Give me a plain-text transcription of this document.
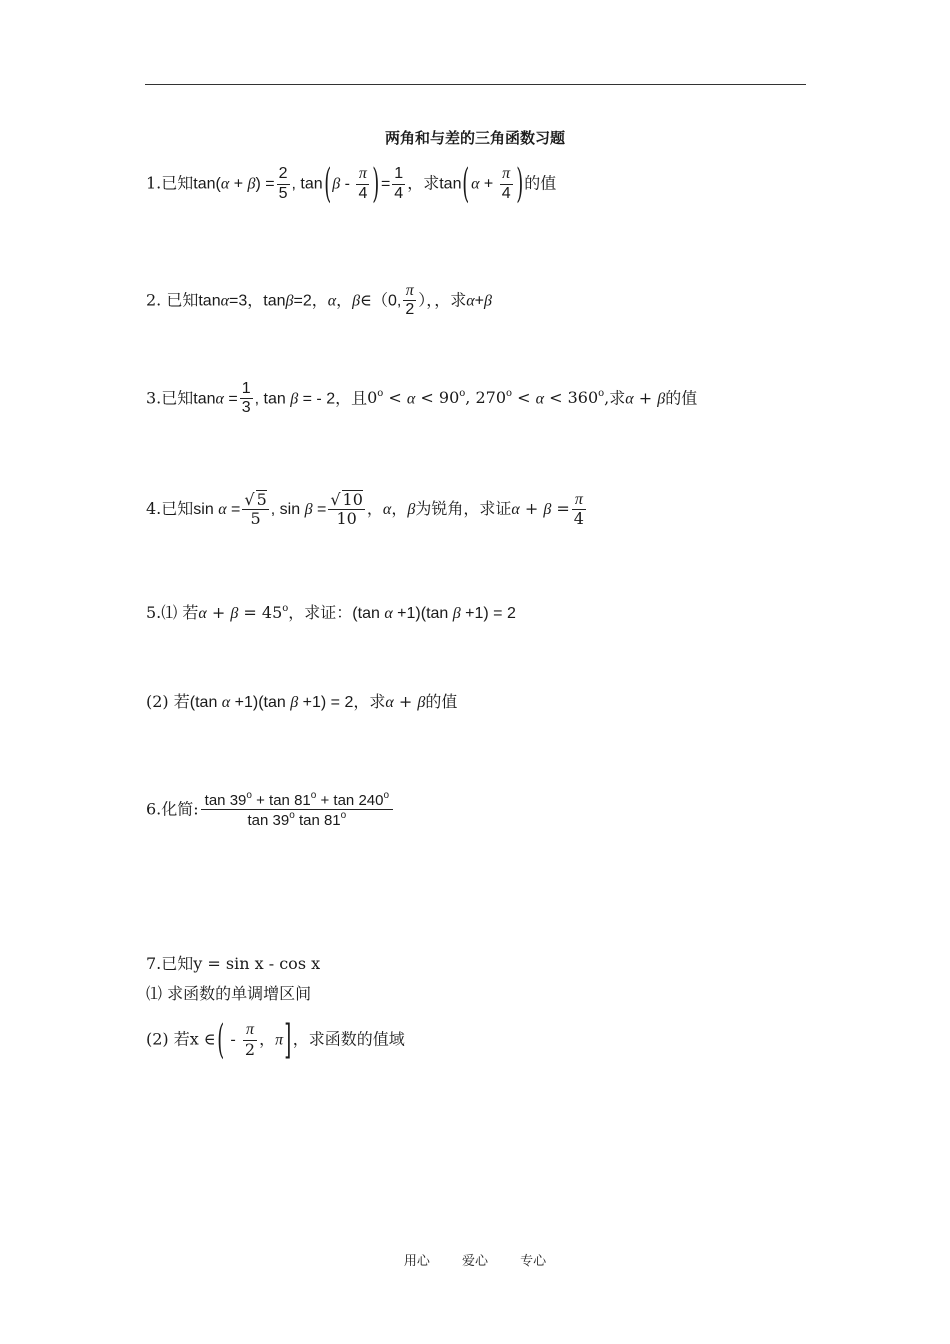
两角和与差的三角函数习题
1.已知$\tan(\alpha + \beta) = \frac{2}{5}$ , $\tan(\beta - \frac{\pi}{4}$ )= $\frac{1}{4}$ ，求$\tan(\alpha + \frac{\pi}{4}$ )的值
2. 已知tanα=3，tanβ=2，α，β∈（0, $\frac{\pi}{2}$ ），，求α+β
3.已知$\tan\alpha = \frac{1}{3}$ , tan β = - 2，且$0^o < \alpha < 90^o$, $270^o < \alpha < 360^o$,求α + β的值
4.已知$\sin \alpha = \frac{√ 5}{5}$ , $\sin \beta = \frac{√ 10}{10}$ ，α，β为锐角，求证$\alpha + \beta = \frac{\pi}{4}$
5.⑴ 若$\alpha + \beta = 45^o$，求证：(tan α +1)(tan β +1) = 2
(2) 若(tan α +1)(tan β +1) = 2，求α + β的值
6.化简: $\frac{\tan 39^o + \tan 81^o + \tan 240^o}{\tan 39^o \tan 81^o}$
7.已知y = sin x - cos x
⑴ 求函数的单调增区间
(2) 若x ∈( - $\frac{\pi}{2}$ ，π]，求函数的值域
用心 爱心 专心
